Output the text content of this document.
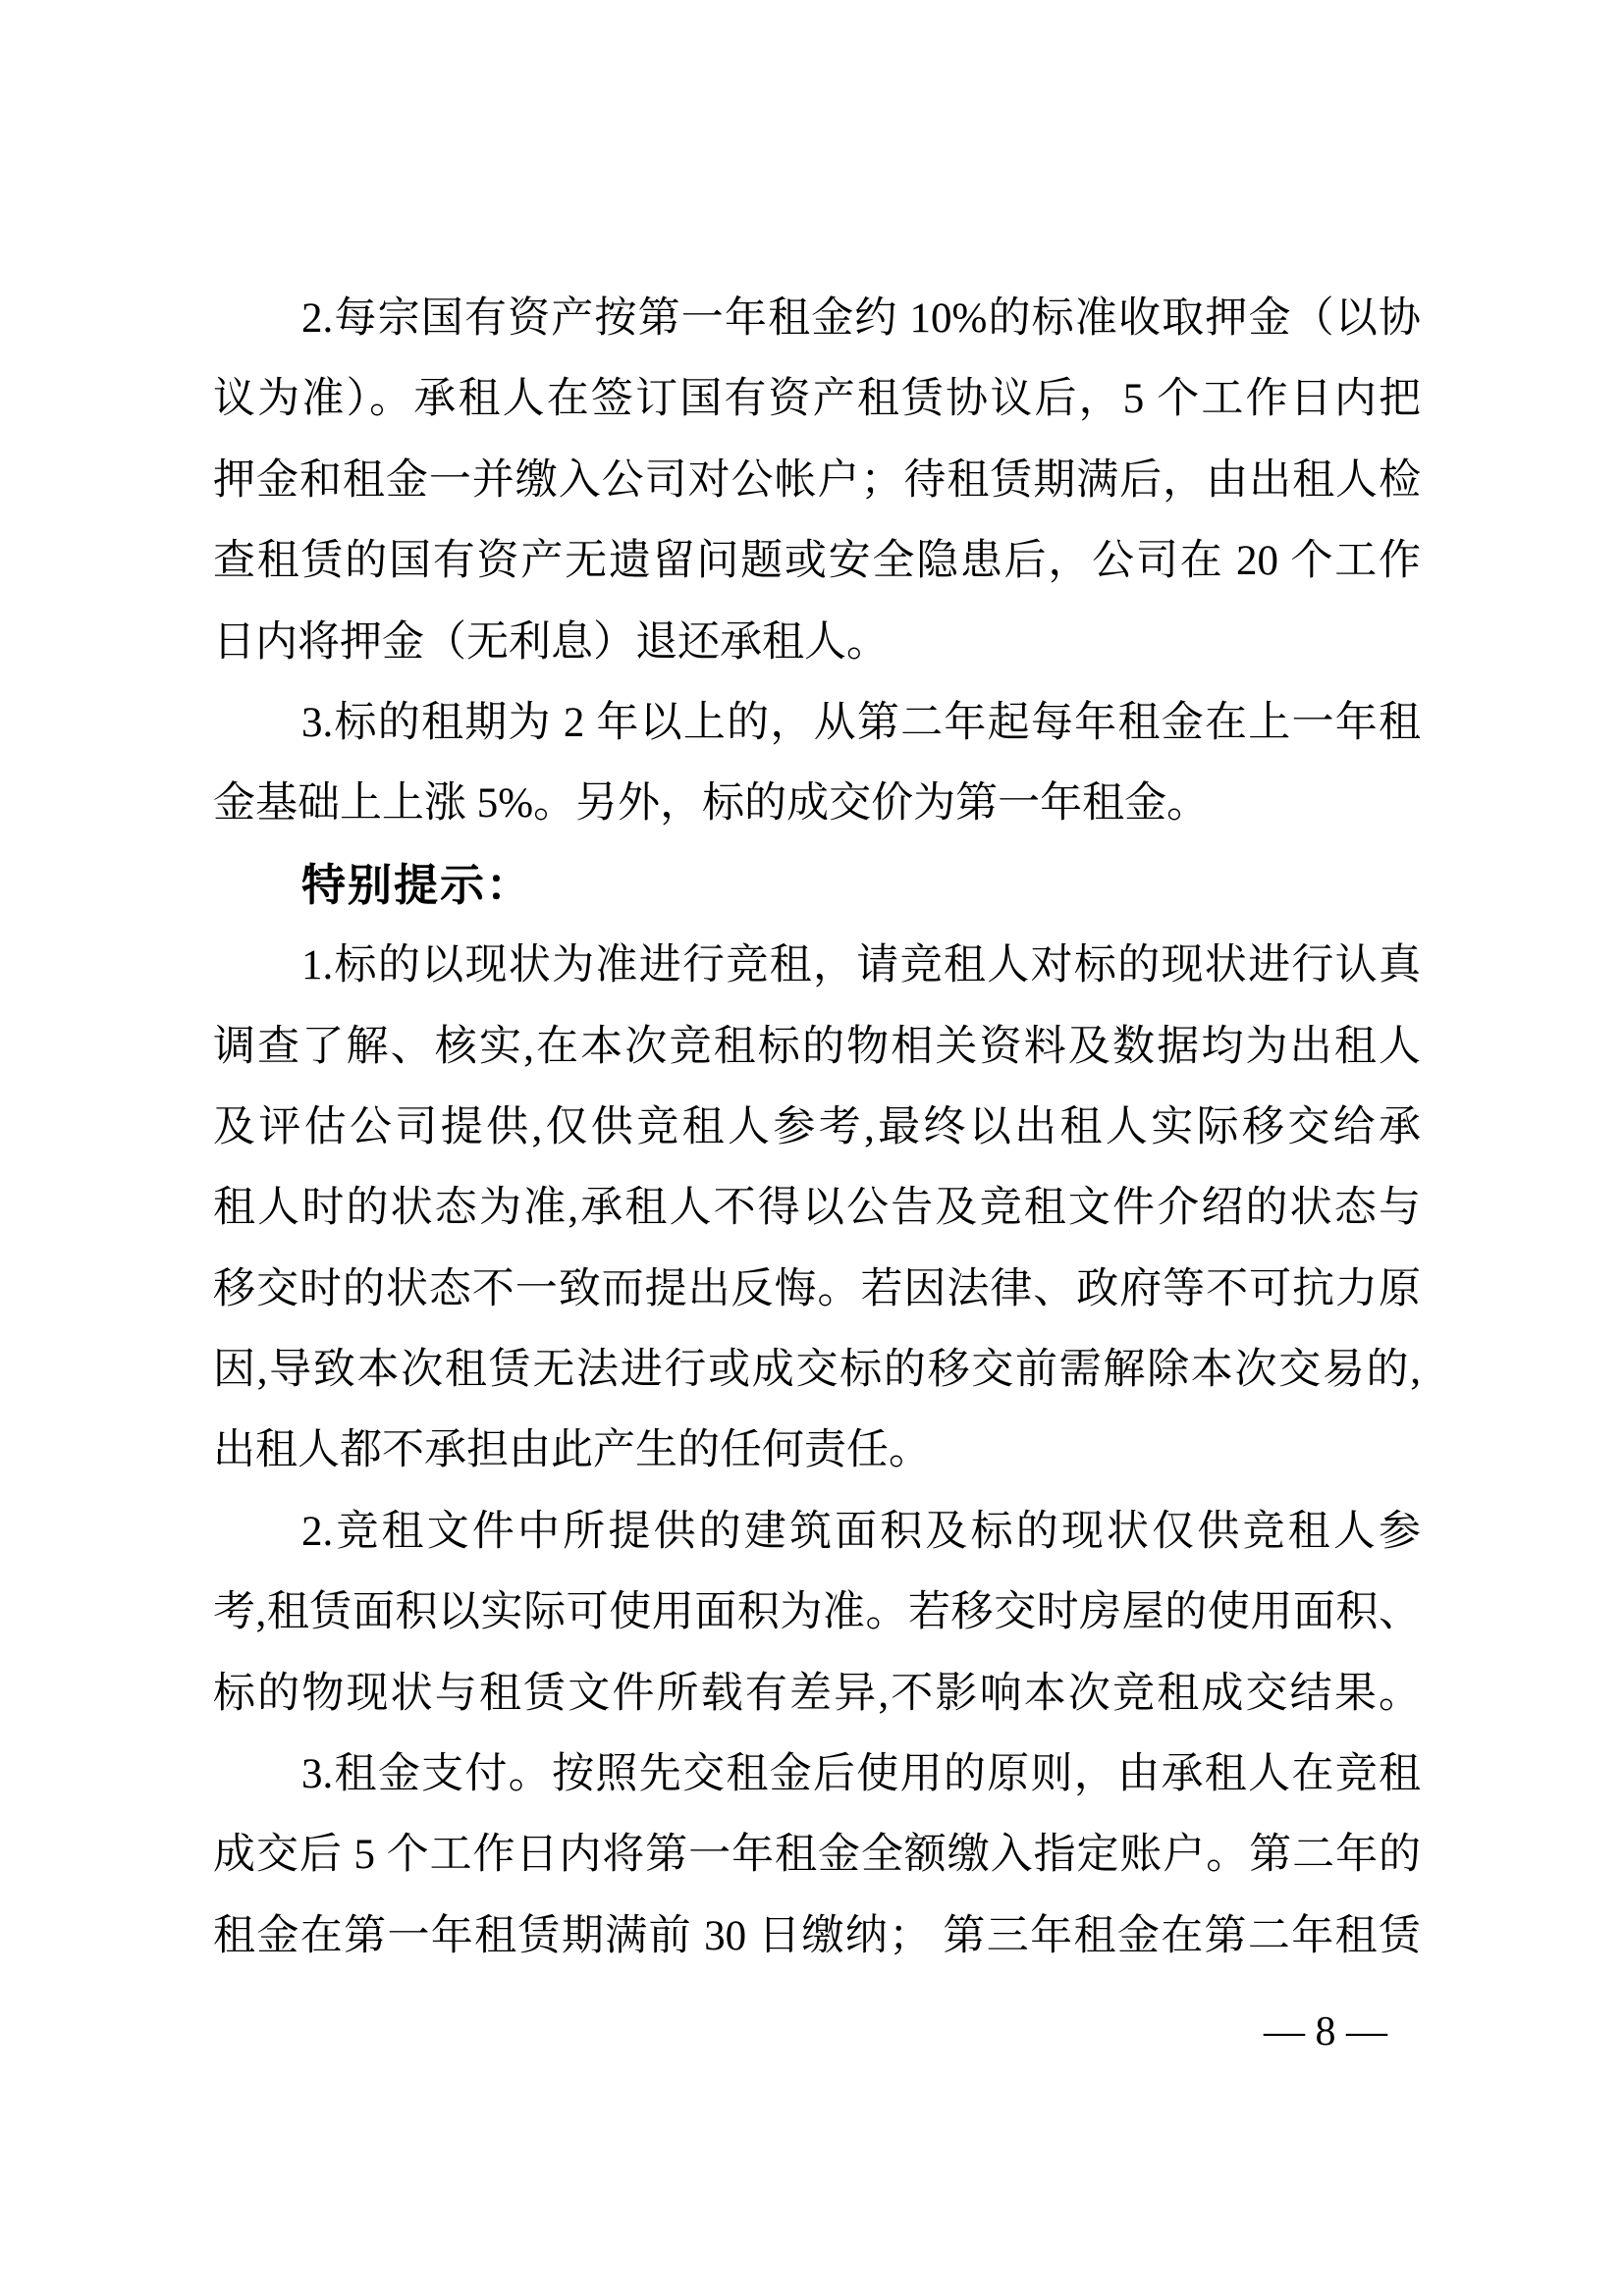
2.每宗国有资产按第一年租金约 10%的标准收取押金（以协
议为准）。承租人在签订国有资产租赁协议后，5 个工作日内把
押金和租金一并缴入公司对公帐户；待租赁期满后，由出租人检
查租赁的国有资产无遗留问题或安全隐患后，公司在 20 个工作
日内将押金（无利息）退还承租人。
3.标的租期为 2 年以上的，从第二年起每年租金在上一年租
金基础上上涨 5%。另外，标的成交价为第一年租金。
特别提示：
1.标的以现状为准进行竞租，请竞租人对标的现状进行认真
调查了解、核实,在本次竞租标的物相关资料及数据均为出租人
及评估公司提供,仅供竞租人参考,最终以出租人实际移交给承
租人时的状态为准,承租人不得以公告及竞租文件介绍的状态与
移交时的状态不一致而提出反悔。若因法律、政府等不可抗力原
因,导致本次租赁无法进行或成交标的移交前需解除本次交易的,
出租人都不承担由此产生的任何责任。
2.竞租文件中所提供的建筑面积及标的现状仅供竞租人参
考,租赁面积以实际可使用面积为准。若移交时房屋的使用面积、
标的物现状与租赁文件所载有差异,不影响本次竞租成交结果。
3.租金支付。按照先交租金后使用的原则，由承租人在竞租
成交后 5 个工作日内将第一年租金全额缴入指定账户。第二年的
租金在第一年租赁期满前 30 日缴纳； 第三年租金在第二年租赁
— 8 —
